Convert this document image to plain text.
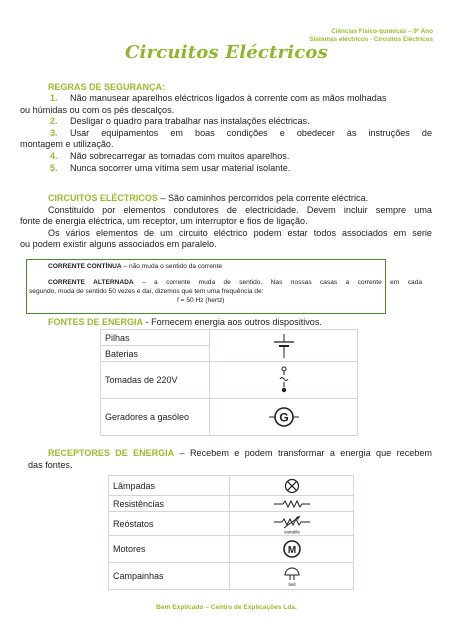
Ciências Físico-químicas – 9º Ano
Sistemas eléctricos - Circuitos Eléctricos
Circuitos Eléctricos
REGRAS DE SEGURANÇA:
1. Não manusear aparelhos eléctricos ligados à corrente com as mãos molhadas
ou húmidas ou com os pés descalços.
2. Desligar o quadro para trabalhar nas instalações eléctricas.
3. Usar equipamentos em boas condições e obedecer às instruções de
montagem e utilização.
4. Não sobrecarregar as tomadas com muitos aparelhos.
5. Nunca socorrer uma vítima sem usar material isolante.
CIRCUITOS ELÉCTRICOS – São caminhos percorridos pela corrente eléctrica.
Constituído por elementos condutores de electricidade. Devem incluir sempre uma
fonte de energia eléctrica, um receptor, um interruptor e fios de ligação.
Os vários elementos de um circuito eléctrico podem estar todos associados em serie
ou podem existir alguns associados em paralelo.
CORRENTE CONTÍNUA – não muda o sentido da corrente
CORRENTE ALTERNADA – a corrente muda de sentido. Nas nossas casas a corrente em cada
segundo, muda de sentido 50 vezes e daí, dizemos que tem uma frequência de:
f = 50 Hz (hertz)
FONTES DE ENERGIA - Fornecem energia aos outros dispositivos.
Pilhas	

Baterias	
Tomadas de 220V	

Geradores a gasóleo	G
RECEPTORES DE ENERGIA – Recebem e podem transformar a energia que recebem
das fontes.
Lâmpadas	

Resistências	

Reóstatos	variable

Motores	M

Campainhas	bell
Bem Explicado – Centro de Explicações Lda.
